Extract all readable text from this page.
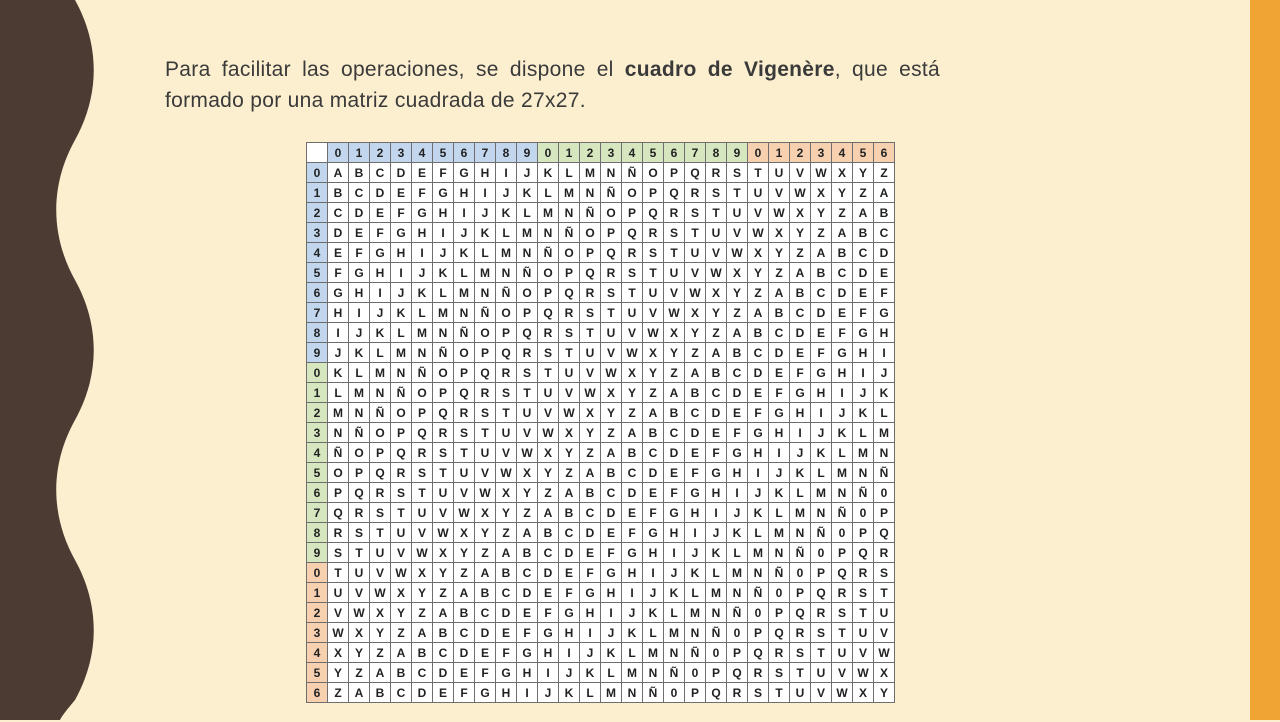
Para facilitar las operaciones, se dispone el cuadro de Vigenère, que está formado por una matriz cuadrada de 27x27.

	0	1	2	3	4	5	6	7	8	9	0	1	2	3	4	5	6	7	8	9	0	1	2	3	4	5	6
0	A	B	C	D	E	F	G	H	I	J	K	L	M	N	Ñ	O	P	Q	R	S	T	U	V	W	X	Y	Z
1	B	C	D	E	F	G	H	I	J	K	L	M	N	Ñ	O	P	Q	R	S	T	U	V	W	X	Y	Z	A
2	C	D	E	F	G	H	I	J	K	L	M	N	Ñ	O	P	Q	R	S	T	U	V	W	X	Y	Z	A	B
3	D	E	F	G	H	I	J	K	L	M	N	Ñ	O	P	Q	R	S	T	U	V	W	X	Y	Z	A	B	C
4	E	F	G	H	I	J	K	L	M	N	Ñ	O	P	Q	R	S	T	U	V	W	X	Y	Z	A	B	C	D
5	F	G	H	I	J	K	L	M	N	Ñ	O	P	Q	R	S	T	U	V	W	X	Y	Z	A	B	C	D	E
6	G	H	I	J	K	L	M	N	Ñ	O	P	Q	R	S	T	U	V	W	X	Y	Z	A	B	C	D	E	F
7	H	I	J	K	L	M	N	Ñ	O	P	Q	R	S	T	U	V	W	X	Y	Z	A	B	C	D	E	F	G
8	I	J	K	L	M	N	Ñ	O	P	Q	R	S	T	U	V	W	X	Y	Z	A	B	C	D	E	F	G	H
9	J	K	L	M	N	Ñ	O	P	Q	R	S	T	U	V	W	X	Y	Z	A	B	C	D	E	F	G	H	I
0	K	L	M	N	Ñ	O	P	Q	R	S	T	U	V	W	X	Y	Z	A	B	C	D	E	F	G	H	I	J
1	L	M	N	Ñ	O	P	Q	R	S	T	U	V	W	X	Y	Z	A	B	C	D	E	F	G	H	I	J	K
2	M	N	Ñ	O	P	Q	R	S	T	U	V	W	X	Y	Z	A	B	C	D	E	F	G	H	I	J	K	L
3	N	Ñ	O	P	Q	R	S	T	U	V	W	X	Y	Z	A	B	C	D	E	F	G	H	I	J	K	L	M
4	Ñ	O	P	Q	R	S	T	U	V	W	X	Y	Z	A	B	C	D	E	F	G	H	I	J	K	L	M	N
5	O	P	Q	R	S	T	U	V	W	X	Y	Z	A	B	C	D	E	F	G	H	I	J	K	L	M	N	Ñ
6	P	Q	R	S	T	U	V	W	X	Y	Z	A	B	C	D	E	F	G	H	I	J	K	L	M	N	Ñ	0
7	Q	R	S	T	U	V	W	X	Y	Z	A	B	C	D	E	F	G	H	I	J	K	L	M	N	Ñ	0	P
8	R	S	T	U	V	W	X	Y	Z	A	B	C	D	E	F	G	H	I	J	K	L	M	N	Ñ	0	P	Q
9	S	T	U	V	W	X	Y	Z	A	B	C	D	E	F	G	H	I	J	K	L	M	N	Ñ	0	P	Q	R
0	T	U	V	W	X	Y	Z	A	B	C	D	E	F	G	H	I	J	K	L	M	N	Ñ	0	P	Q	R	S
1	U	V	W	X	Y	Z	A	B	C	D	E	F	G	H	I	J	K	L	M	N	Ñ	0	P	Q	R	S	T
2	V	W	X	Y	Z	A	B	C	D	E	F	G	H	I	J	K	L	M	N	Ñ	0	P	Q	R	S	T	U
3	W	X	Y	Z	A	B	C	D	E	F	G	H	I	J	K	L	M	N	Ñ	0	P	Q	R	S	T	U	V
4	X	Y	Z	A	B	C	D	E	F	G	H	I	J	K	L	M	N	Ñ	0	P	Q	R	S	T	U	V	W
5	Y	Z	A	B	C	D	E	F	G	H	I	J	K	L	M	N	Ñ	0	P	Q	R	S	T	U	V	W	X
6	Z	A	B	C	D	E	F	G	H	I	J	K	L	M	N	Ñ	0	P	Q	R	S	T	U	V	W	X	Y
